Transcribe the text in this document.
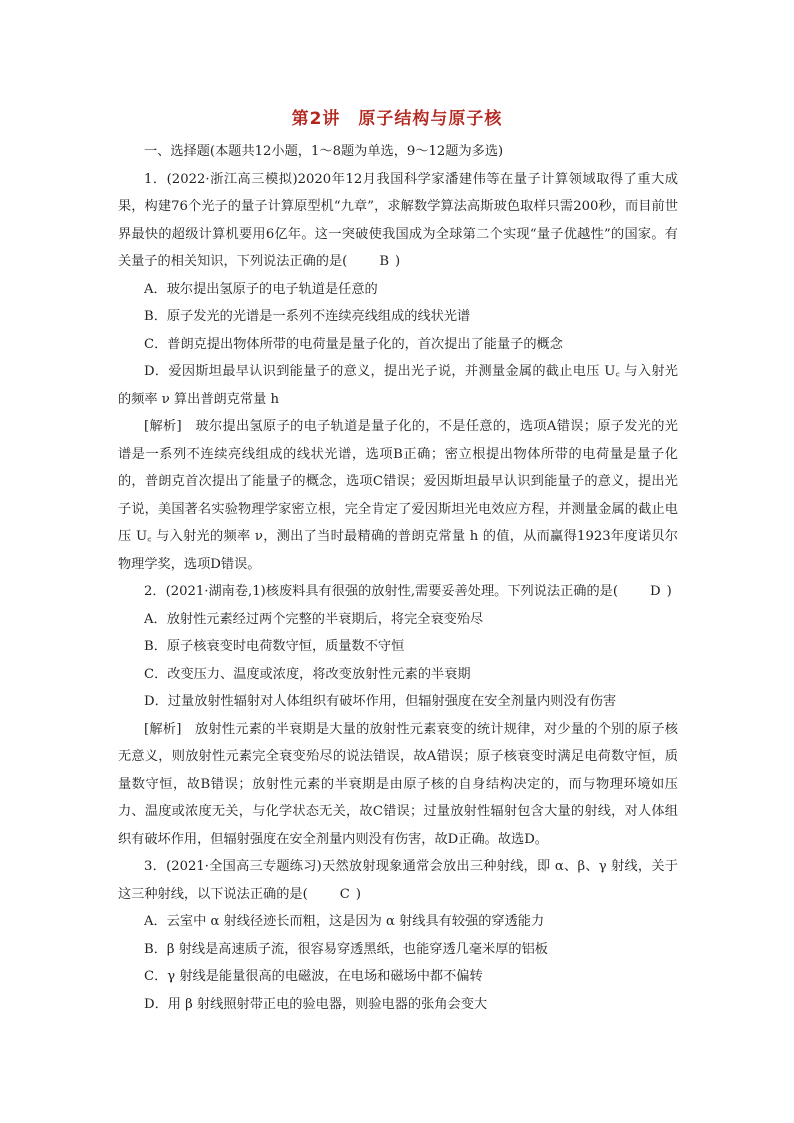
第2讲　原子结构与原子核

一、选择题(本题共12小题，1～8题为单选，9～12题为多选)

1．(2022·浙江高三模拟)2020年12月我国科学家潘建伟等在量子计算领域取得了重大成果，构建76个光子的量子计算原型机“九章”，求解数学算法高斯玻色取样只需200秒，而目前世界最快的超级计算机要用6亿年。这一突破使我国成为全球第二个实现“量子优越性”的国家。有关量子的相关知识，下列说法正确的是( B )

A．玻尔提出氢原子的电子轨道是任意的

B．原子发光的光谱是一系列不连续亮线组成的线状光谱

C．普朗克提出物体所带的电荷量是量子化的，首次提出了能量子的概念

D．爱因斯坦最早认识到能量子的意义，提出光子说，并测量金属的截止电压 U꜀ 与入射光的频率 ν 算出普朗克常量 h

[解析]　玻尔提出氢原子的电子轨道是量子化的，不是任意的，选项A错误；原子发光的光谱是一系列不连续亮线组成的线状光谱，选项B正确；密立根提出物体所带的电荷量是量子化的，普朗克首次提出了能量子的概念，选项C错误；爱因斯坦最早认识到能量子的意义，提出光子说，美国著名实验物理学家密立根，完全肯定了爱因斯坦光电效应方程，并测量金属的截止电压 U꜀ 与入射光的频率 ν，测出了当时最精确的普朗克常量 h 的值，从而赢得1923年度诺贝尔物理学奖，选项D错误。

2．(2021·湖南卷,1)核废料具有很强的放射性,需要妥善处理。下列说法正确的是( D )

A．放射性元素经过两个完整的半衰期后，将完全衰变殆尽

B．原子核衰变时电荷数守恒，质量数不守恒

C．改变压力、温度或浓度，将改变放射性元素的半衰期

D．过量放射性辐射对人体组织有破坏作用，但辐射强度在安全剂量内则没有伤害

[解析]　放射性元素的半衰期是大量的放射性元素衰变的统计规律，对少量的个别的原子核无意义，则放射性元素完全衰变殆尽的说法错误，故A错误；原子核衰变时满足电荷数守恒，质量数守恒，故B错误；放射性元素的半衰期是由原子核的自身结构决定的，而与物理环境如压力、温度或浓度无关，与化学状态无关，故C错误；过量放射性辐射包含大量的射线，对人体组织有破坏作用，但辐射强度在安全剂量内则没有伤害，故D正确。故选D。

3．(2021·全国高三专题练习)天然放射现象通常会放出三种射线，即 α、β、γ 射线，关于这三种射线，以下说法正确的是( C )

A．云室中 α 射线径迹长而粗，这是因为 α 射线具有较强的穿透能力

B．β 射线是高速质子流，很容易穿透黑纸，也能穿透几毫米厚的铝板

C．γ 射线是能量很高的电磁波，在电场和磁场中都不偏转

D．用 β 射线照射带正电的验电器，则验电器的张角会变大
